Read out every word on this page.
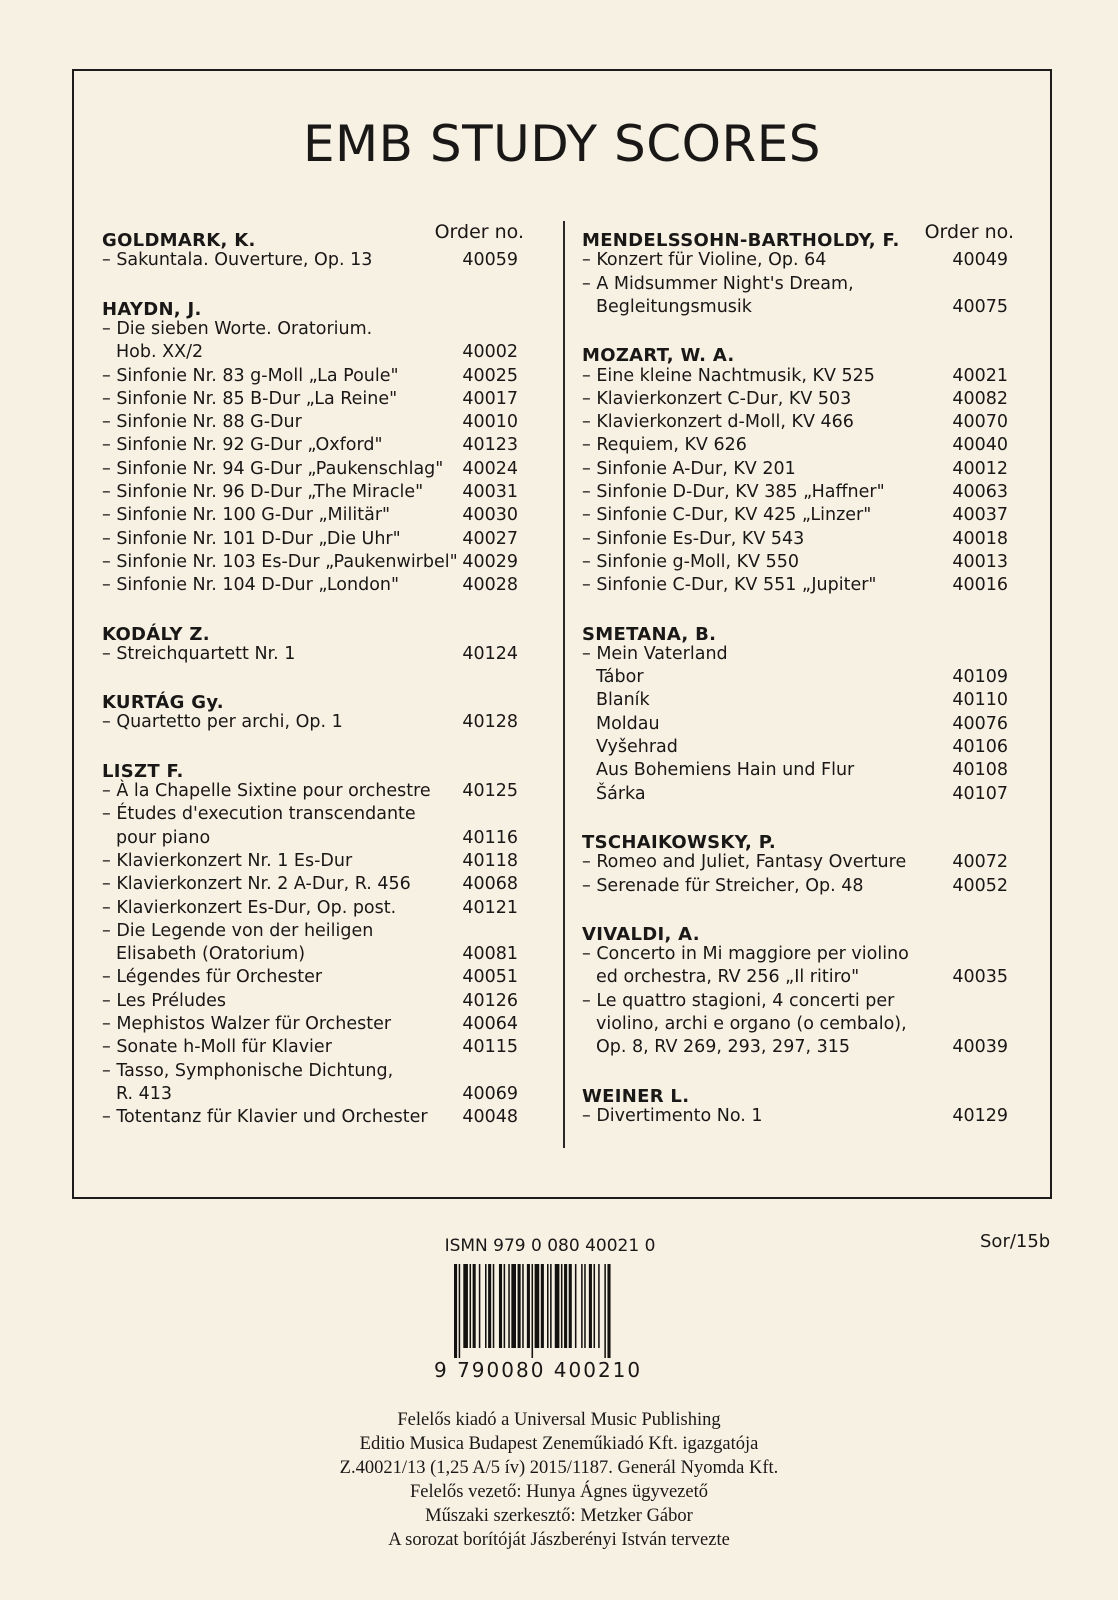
EMB STUDY SCORES
Order no.
GOLDMARK, K.
– Sakuntala. Ouverture, Op. 13	40059
HAYDN, J.
– Die sieben Worte. Oratorium.
Hob. XX/2	40002
– Sinfonie Nr. 83 g-Moll „La Poule"	40025
– Sinfonie Nr. 85 B-Dur „La Reine"	40017
– Sinfonie Nr. 88 G-Dur	40010
– Sinfonie Nr. 92 G-Dur „Oxford"	40123
– Sinfonie Nr. 94 G-Dur „Paukenschlag" 40024
– Sinfonie Nr. 96 D-Dur „The Miracle" 40031
– Sinfonie Nr. 100 G-Dur „Militär"	40030
– Sinfonie Nr. 101 D-Dur „Die Uhr"	40027
– Sinfonie Nr. 103 Es-Dur „Paukenwirbel" 40029
– Sinfonie Nr. 104 D-Dur „London"	40028
KODÁLY Z.
– Streichquartett Nr. 1	40124
KURTÁG Gy.
– Quartetto per archi, Op. 1	40128
LISZT F.
– À la Chapelle Sixtine pour orchestre 40125
– Études d'execution transcendante
pour piano	40116
– Klavierkonzert Nr. 1 Es-Dur	40118
– Klavierkonzert Nr. 2 A-Dur, R. 456	40068
– Klavierkonzert Es-Dur, Op. post.	40121
– Die Legende von der heiligen
Elisabeth (Oratorium)	40081
– Légendes für Orchester	40051
– Les Préludes	40126
– Mephistos Walzer für Orchester	40064
– Sonate h-Moll für Klavier	40115
– Tasso, Symphonische Dichtung,
R. 413	40069
– Totentanz für Klavier und Orchester 40048
Order no.
MENDELSSOHN-BARTHOLDY, F.
– Konzert für Violine, Op. 64	40049
– A Midsummer Night's Dream,
Begleitungsmusik	40075
MOZART, W. A.
– Eine kleine Nachtmusik, KV 525	40021
– Klavierkonzert C-Dur, KV 503	40082
– Klavierkonzert d-Moll, KV 466	40070
– Requiem, KV 626	40040
– Sinfonie A-Dur, KV 201	40012
– Sinfonie D-Dur, KV 385 „Haffner"	40063
– Sinfonie C-Dur, KV 425 „Linzer"	40037
– Sinfonie Es-Dur, KV 543	40018
– Sinfonie g-Moll, KV 550	40013
– Sinfonie C-Dur, KV 551 „Jupiter"	40016
SMETANA, B.
– Mein Vaterland
Tábor	40109
Blaník	40110
Moldau	40076
Vyšehrad	40106
Aus Bohemiens Hain und Flur	40108
Šárka	40107
TSCHAIKOWSKY, P.
– Romeo and Juliet, Fantasy Overture	40072
– Serenade für Streicher, Op. 48	40052
VIVALDI, A.
– Concerto in Mi maggiore per violino
ed orchestra, RV 256 „Il ritiro"	40035
– Le quattro stagioni, 4 concerti per
violino, archi e organo (o cembalo),
Op. 8, RV 269, 293, 297, 315	40039
WEINER L.
– Divertimento No. 1	40129
Sor/15b
ISMN 979 0 080 40021 0
9 790080 400210
Felelős kiadó a Universal Music Publishing
Editio Musica Budapest Zeneműkiadó Kft. igazgatója
Z.40021/13 (1,25 A/5 ív) 2015/1187. Generál Nyomda Kft.
Felelős vezető: Hunya Ágnes ügyvezető
Műszaki szerkesztő: Metzker Gábor
A sorozat borítóját Jászberényi István tervezte
